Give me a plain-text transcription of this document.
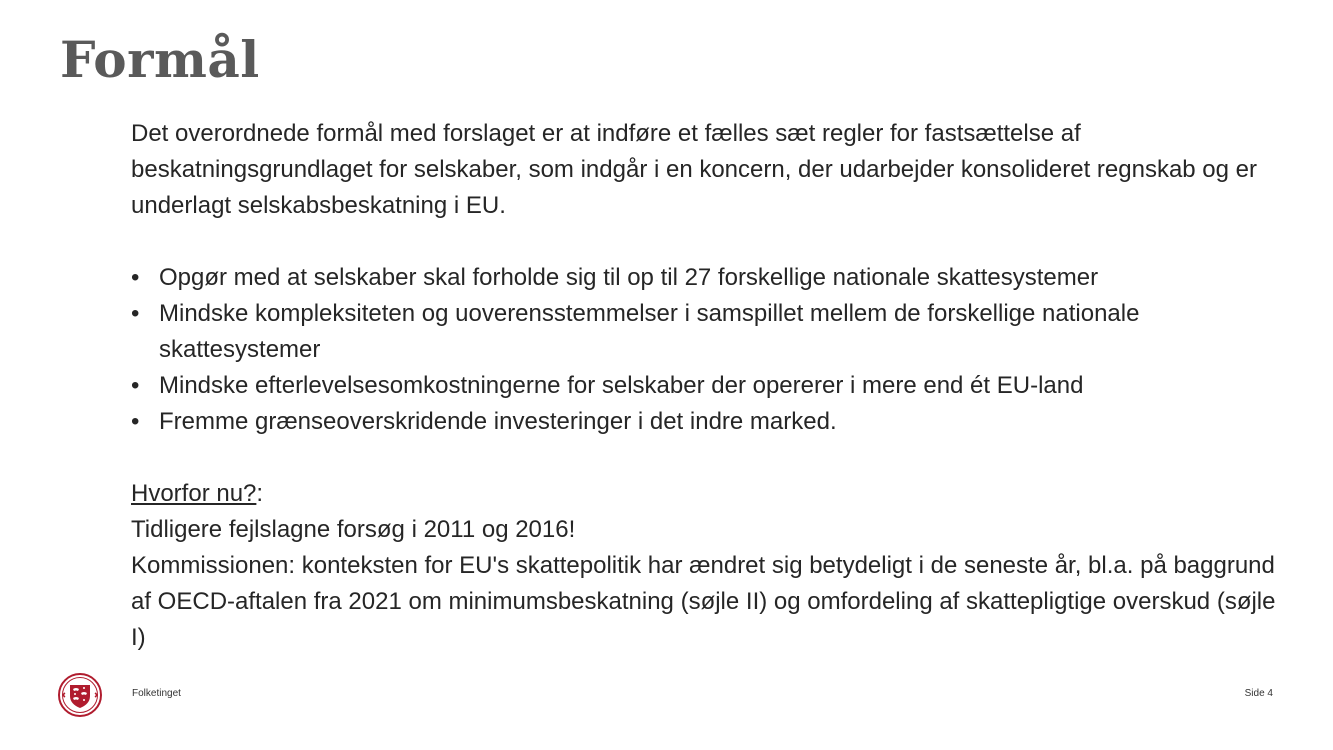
Formål

Det overordnede formål med forslaget er at indføre et fælles sæt regler for fastsættelse af beskatningsgrundlaget for selskaber, som indgår i en koncern, der udarbejder konsolideret regnskab og er underlagt selskabsbeskatning i EU.

• Opgør med at selskaber skal forholde sig til op til 27 forskellige nationale skattesystemer
• Mindske kompleksiteten og uoverensstemmelser i samspillet mellem de forskellige nationale skattesystemer
• Mindske efterlevelsesomkostningerne for selskaber der opererer i mere end ét EU-land
• Fremme grænseoverskridende investeringer i det indre marked.

Hvorfor nu?:

Tidligere fejlslagne forsøg i 2011 og 2016!

Kommissionen: konteksten for EU's skattepolitik har ændret sig betydeligt i de seneste år, bl.a. på baggrund af OECD-aftalen fra 2021 om minimumsbeskatning (søjle II) og omfordeling af skattepligtige overskud (søjle I)

Folketinget	Side 4
